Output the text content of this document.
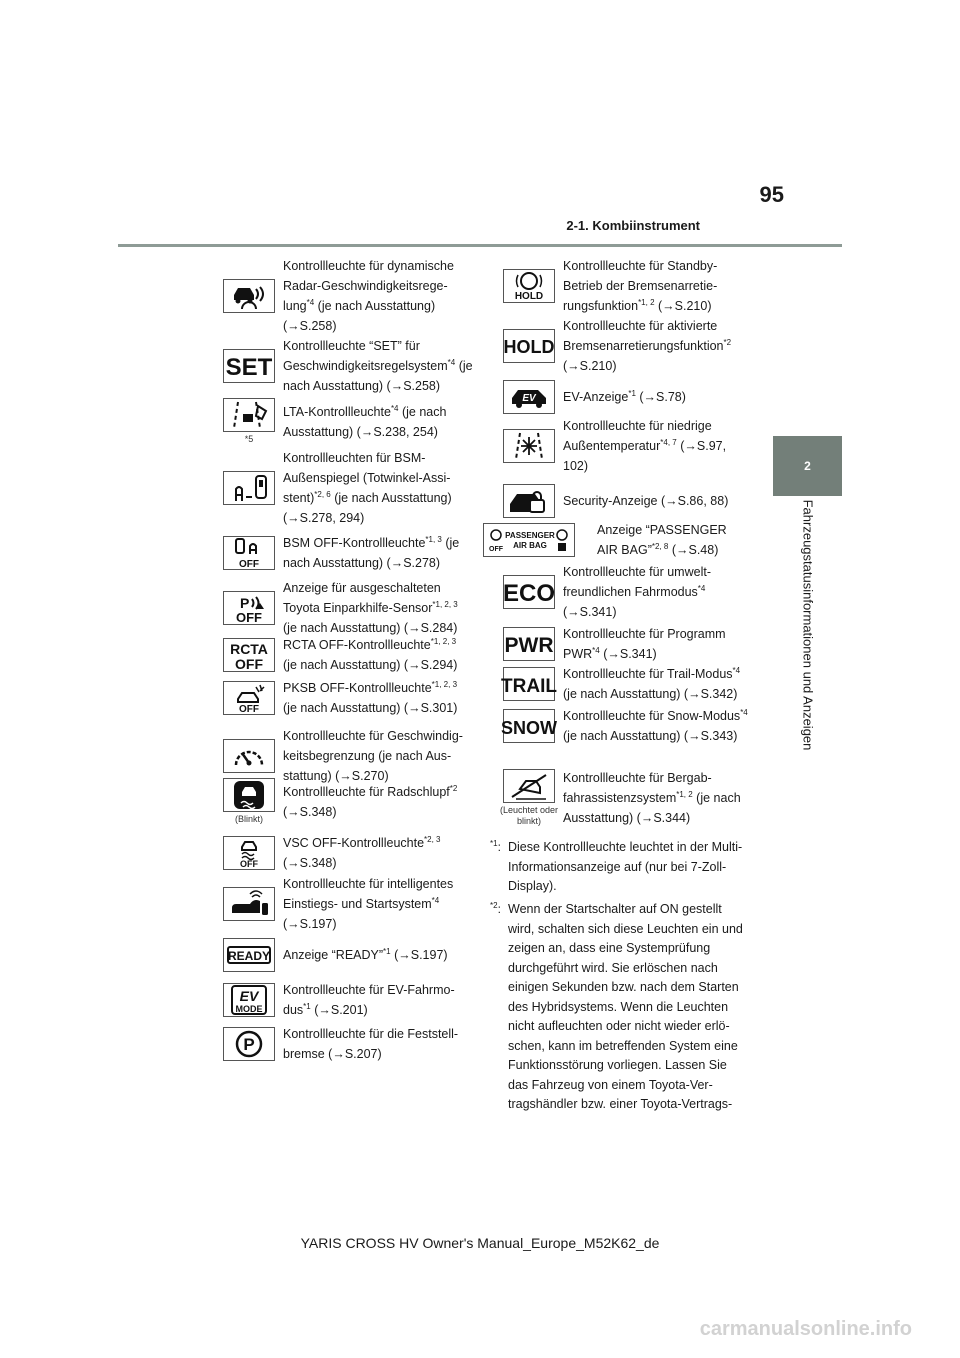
95
2-1. Kombiinstrument
2
Fahrzeugstatusinformationen und Anzeigen
Kontrollleuchte für dynamische Radar-Geschwindigkeitsrege-lung$^{*4}$ (je nach Ausstattung) (→S.258)
SET
Kontrollleuchte “SET” für Geschwindigkeitsregelsystem$^{*4}$ (je nach Ausstattung) (→S.258)
*5
LTA-Kontrollleuchte$^{*4}$ (je nach Ausstattung) (→S.238, 254)
Kontrollleuchten für BSM-Außenspiegel (Totwinkel-Assi-stent)$^{*2, 6}$ (je nach Ausstattung) (→S.278, 294)
OFF
BSM OFF-Kontrollleuchte$^{*1, 3}$ (je nach Ausstattung) (→S.278)
P
OFF
Anzeige für ausgeschalteten Toyota Einparkhilfe-Sensor$^{*1, 2, 3}$ (je nach Ausstattung) (→S.284)
RCTA
OFF
RCTA OFF-Kontrollleuchte$^{*1, 2, 3}$ (je nach Ausstattung) (→S.294)
OFF
PKSB OFF-Kontrollleuchte$^{*1, 2, 3}$ (je nach Ausstattung) (→S.301)
Kontrollleuchte für Geschwindig-keitsbegrenzung (je nach Aus-stattung) (→S.270)
(Blinkt)
Kontrollleuchte für Radschlupf$^{*2}$ (→S.348)
OFF
VSC OFF-Kontrollleuchte$^{*2, 3}$ (→S.348)
Kontrollleuchte für intelligentes Einstiegs- und Startsystem$^{*4}$ (→S.197)
READY Anzeige “READY”$^{*1}$ (→S.197)
EV
MODE
Kontrollleuchte für EV-Fahrmo-dus$^{*1}$ (→S.201)
P
Kontrollleuchte für die Feststell-bremse (→S.207)
HOLD
Kontrollleuchte für Standby-Betrieb der Bremsenarretie-rungsfunktion$^{*1, 2}$ (→S.210)
HOLD
Kontrollleuchte für aktivierte Bremsenarretierungsfunktion$^{*2}$ (→S.210)
EV EV-Anzeige$^{*1}$ (→S.78)
Kontrollleuchte für niedrige Außentemperatur$^{*4, 7}$ (→S.97, 102)
Security-Anzeige (→S.86, 88)
OFF
PASSENGER
AIR BAG
Anzeige “PASSENGER AIR BAG”$^{*2, 8}$ (→S.48)
ECO
Kontrollleuchte für umwelt-freundlichen Fahrmodus$^{*4}$ (→S.341)
PWR Kontrollleuchte für Programm PWR$^{*4}$ (→S.341)
TRAIL
Kontrollleuchte für Trail-Modus$^{*4}$ (je nach Ausstattung) (→S.342)
SNOW
Kontrollleuchte für Snow-Modus$^{*4}$ (je nach Ausstattung) (→S.343)
(Leuchtet oder blinkt)
Kontrollleuchte für Bergab-fahrassistenzsystem$^{*1, 2}$ (je nach Ausstattung) (→S.344)
$^{*1}$: Diese Kontrollleuchte leuchtet in der Multi-Informationsanzeige auf (nur bei 7-Zoll-Display).
$^{*2}$: Wenn der Startschalter auf ON gestellt wird, schalten sich diese Leuchten ein und zeigen an, dass eine Systemprüfung durchgeführt wird. Sie erlöschen nach einigen Sekunden bzw. nach dem Starten des Hybridsystems. Wenn die Leuchten nicht aufleuchten oder nicht wieder erlö-schen, kann im betreffenden System eine Funktionsstörung vorliegen. Lassen Sie das Fahrzeug von einem Toyota-Ver-tragshändler bzw. einer Toyota-Vertrags-
YARIS CROSS HV Owner's Manual_Europe_M52K62_de
carmanualsonline.info
